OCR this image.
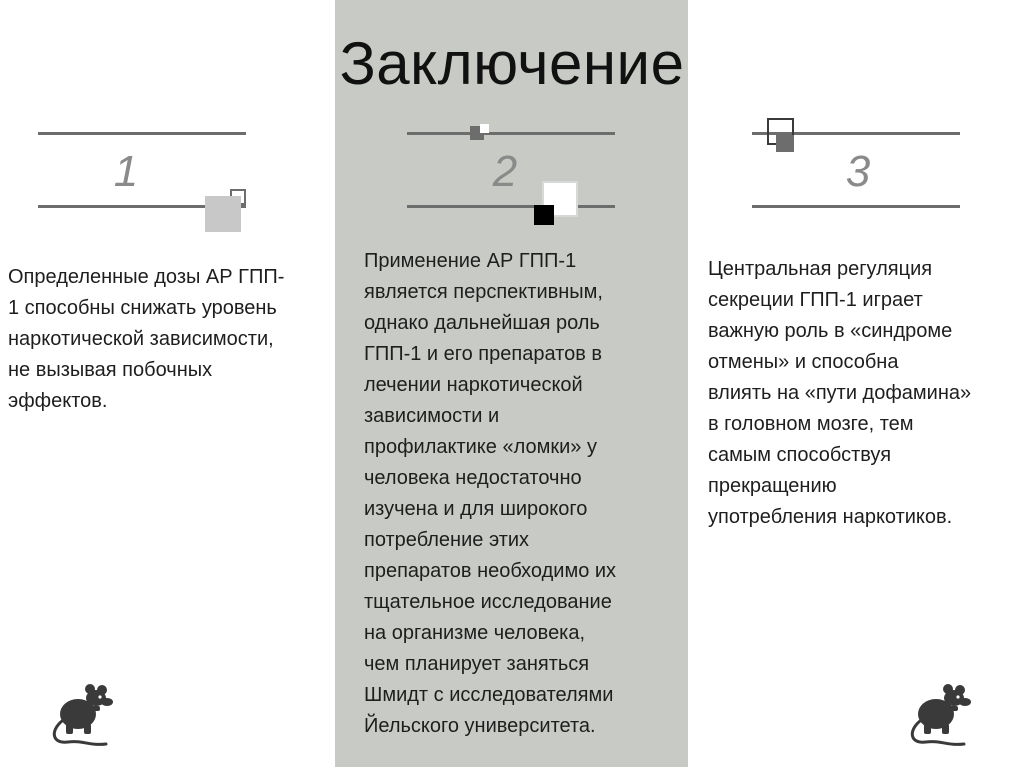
Заключение
1	2	3
Определенные дозы АР ГПП-
1 способны снижать уровень
наркотической зависимости,
не вызывая побочных
эффектов.
Применение АР ГПП-1
является перспективным,
однако дальнейшая роль
ГПП-1 и его препаратов в
лечении наркотической
зависимости и
профилактике «ломки» у
человека недостаточно
изучена и для широкого
потребление этих
препаратов необходимо их
тщательное исследование
на организме человека,
чем планирует заняться
Шмидт с исследователями
Йельского университета.
Центральная регуляция
секреции ГПП-1 играет
важную роль в «синдроме
отмены» и способна
влиять на «пути дофамина»
в головном мозге, тем
самым способствуя
прекращению
употребления наркотиков.
